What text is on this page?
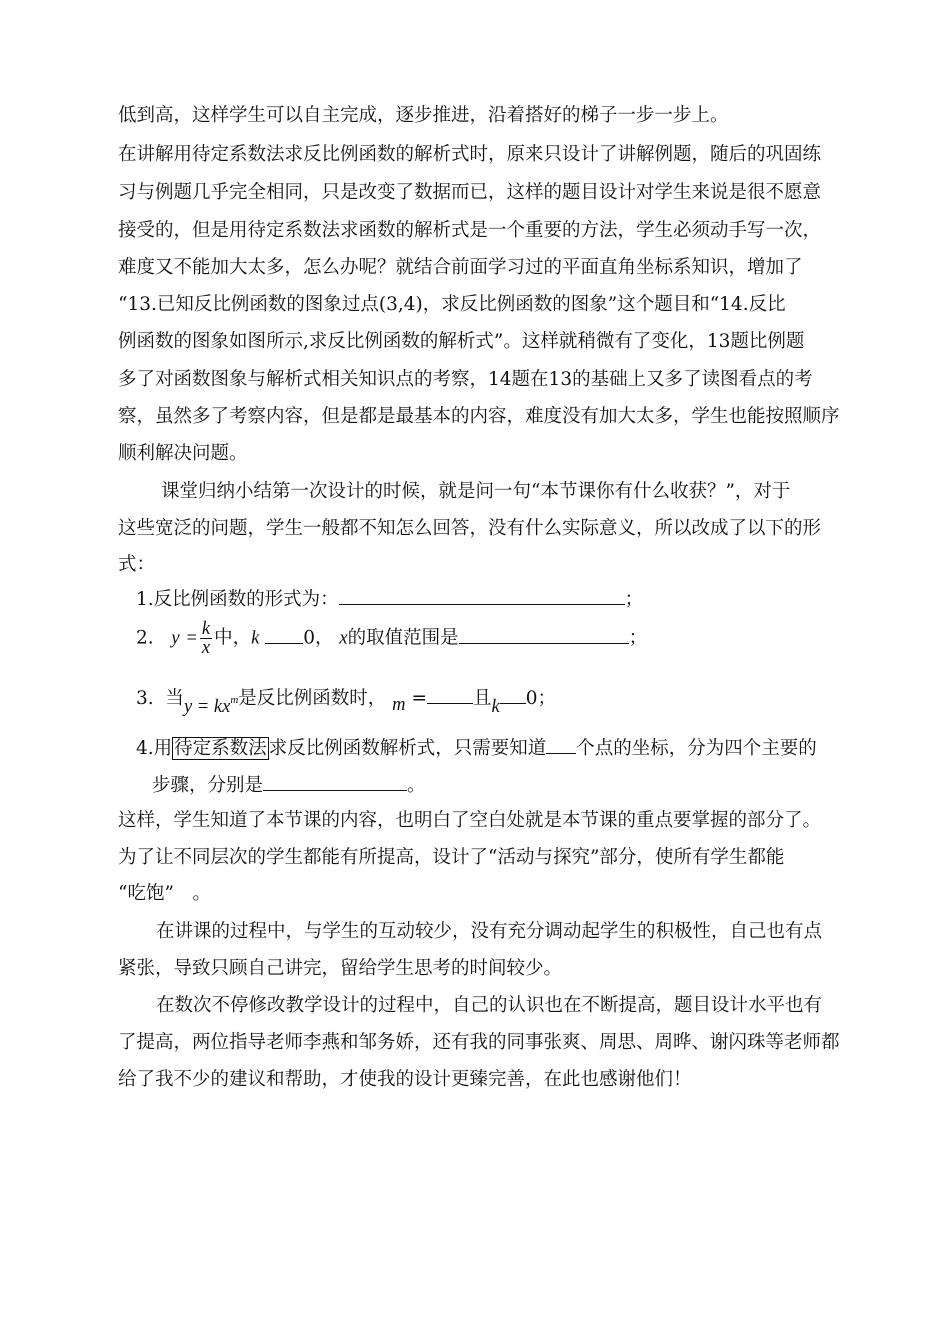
低到高，这样学生可以自主完成，逐步推进，沿着搭好的梯子一步一步上。
在讲解用待定系数法求反比例函数的解析式时，原来只设计了讲解例题，随后的巩固练
习与例题几乎完全相同，只是改变了数据而已，这样的题目设计对学生来说是很不愿意
接受的，但是用待定系数法求函数的解析式是一个重要的方法，学生必须动手写一次，
难度又不能加大太多，怎么办呢？就结合前面学习过的平面直角坐标系知识，增加了
“13.已知反比例函数的图象过点(3,4)，求反比例函数的图象”这个题目和“14.反比
例函数的图象如图所示,求反比例函数的解析式”。这样就稍微有了变化，13题比例题
多了对函数图象与解析式相关知识点的考察，14题在13的基础上又多了读图看点的考
察，虽然多了考察内容，但是都是最基本的内容，难度没有加大太多，学生也能按照顺序
顺利解决问题。
课堂归纳小结第一次设计的时候，就是问一句“本节课你有什么收获？”，对于
这些宽泛的问题，学生一般都不知怎么回答，没有什么实际意义，所以改成了以下的形
式：
1.反比例函数的形式为：	；
2. $y = \frac{k}{x}$ 中，k 0， x的取值范围是	；
3. 当$y = kx^m$是反比例函数时， m = 且k 0；
4.用 待定系数法 求反比例函数解析式，只需要知道 个点的坐标，分为四个主要的
步骤，分别是	。
这样，学生知道了本节课的内容，也明白了空白处就是本节课的重点要掌握的部分了。
为了让不同层次的学生都能有所提高，设计了“活动与探究”部分，使所有学生都能
“吃饱”　。
在讲课的过程中，与学生的互动较少，没有充分调动起学生的积极性，自己也有点
紧张，导致只顾自己讲完，留给学生思考的时间较少。
在数次不停修改教学设计的过程中，自己的认识也在不断提高，题目设计水平也有
了提高，两位指导老师李燕和邹务娇，还有我的同事张爽、周思、周晔、谢闪珠等老师都
给了我不少的建议和帮助，才使我的设计更臻完善，在此也感谢他们！
